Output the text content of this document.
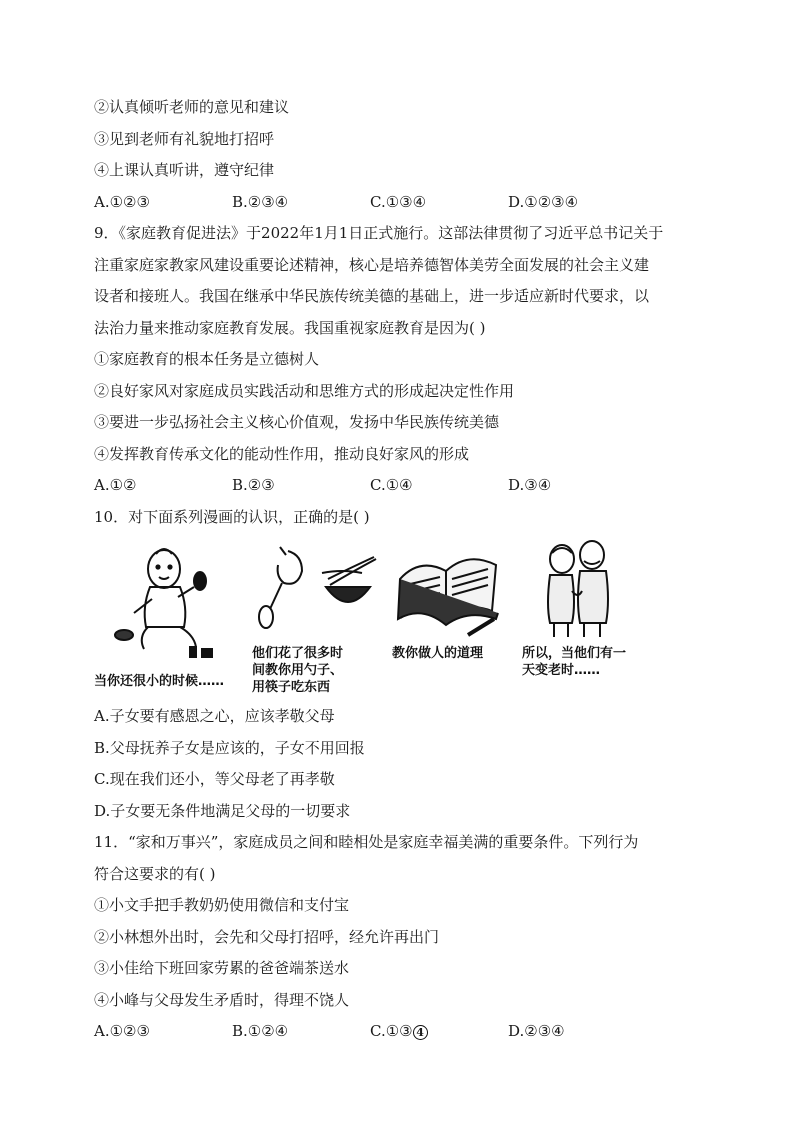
②认真倾听老师的意见和建议
③见到老师有礼貌地打招呼
④上课认真听讲，遵守纪律
A.①②③	B.②③④	C.①③④	D.①②③④
9．《家庭教育促进法》于2022年1月1日正式施行。这部法律贯彻了习近平总书记关于
注重家庭家教家风建设重要论述精神，核心是培养德智体美劳全面发展的社会主义建
设者和接班人。我国在继承中华民族传统美德的基础上，进一步适应新时代要求，以
法治力量来推动家庭教育发展。我国重视家庭教育是因为( )
①家庭教育的根本任务是立德树人
②良好家风对家庭成员实践活动和思维方式的形成起决定性作用
③要进一步弘扬社会主义核心价值观，发扬中华民族传统美德
④发挥教育传承文化的能动性作用，推动良好家风的形成
A.①②	B.②③	C.①④	D.③④
10．对下面系列漫画的认识，正确的是( )
当你还很小的时候……
他们花了很多时
间教你用勺子、
用筷子吃东西
教你做人的道理	所以，当他们有一
天变老时……
A.子女要有感恩之心，应该孝敬父母
B.父母抚养子女是应该的，子女不用回报
C.现在我们还小，等父母老了再孝敬
D.子女要无条件地满足父母的一切要求
11．“家和万事兴”，家庭成员之间和睦相处是家庭幸福美满的重要条件。下列行为
符合这要求的有( )
①小文手把手教奶奶使用微信和支付宝
②小林想外出时，会先和父母打招呼，经允许再出门
③小佳给下班回家劳累的爸爸端茶送水
④小峰与父母发生矛盾时，得理不饶人
A.①②③	B.①②④	C.①③ 4	D.②③④
